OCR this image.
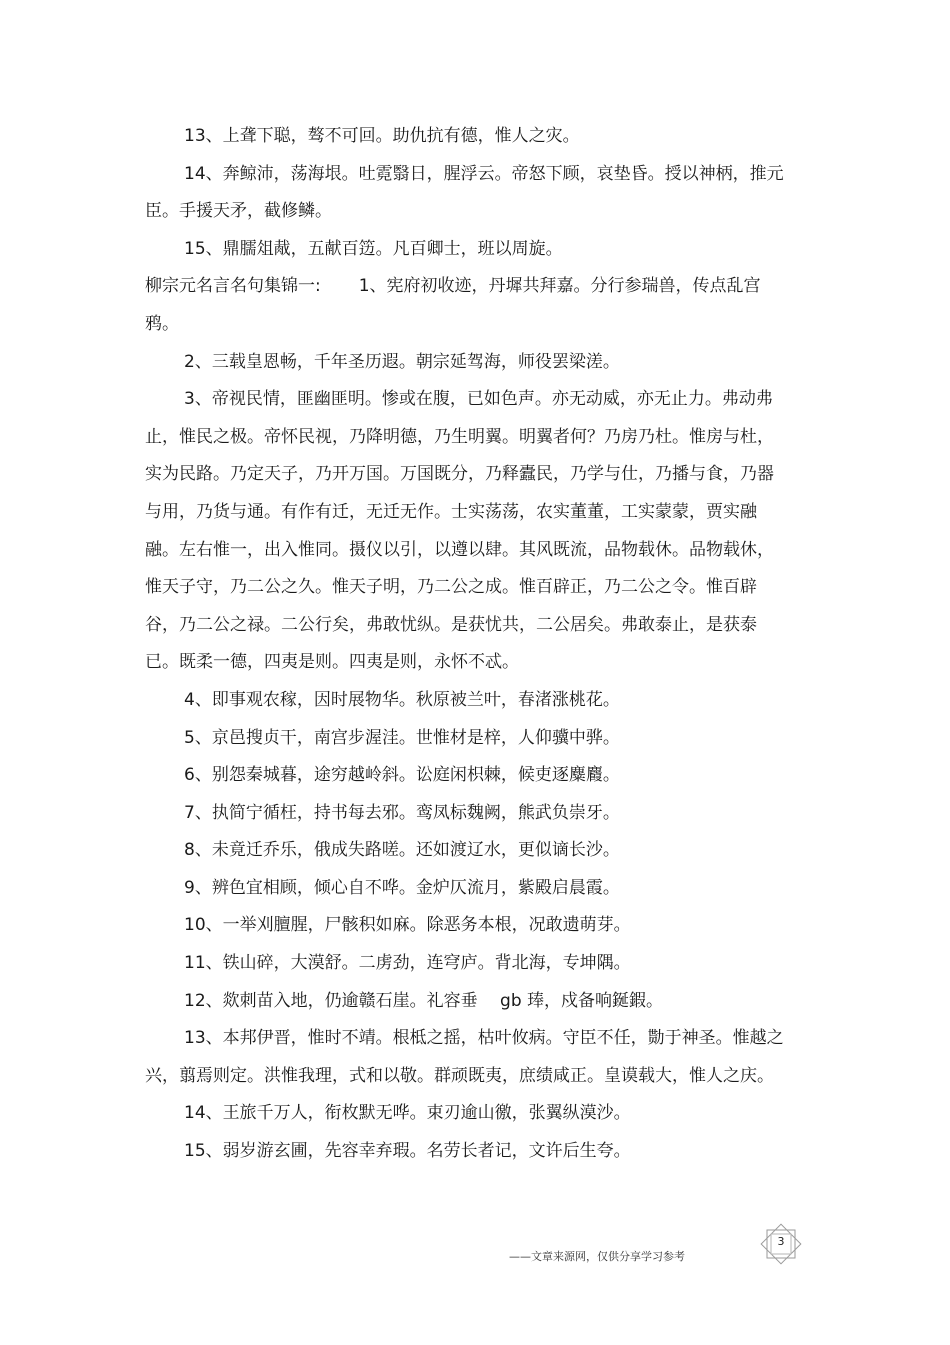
13、上聋下聪，骜不可回。助仇抗有德，惟人之灾。

14、奔鲸沛，荡海垠。吐霓翳日，腥浮云。帝怒下顾，哀垫昏。授以神柄，推元臣。手援天矛，截修鳞。

15、鼎臑俎胾，五献百笾。凡百卿士，班以周旋。

柳宗元名言名句集锦一: 1、宪府初收迹，丹墀共拜嘉。分行参瑞兽，传点乱宫鸦。

2、三载皇恩畅，千年圣历遐。朝宗延驾海，师役罢梁溠。

3、帝视民情，匪幽匪明。惨或在腹，已如色声。亦无动威，亦无止力。弗动弗止，惟民之极。帝怀民视，乃降明德，乃生明翼。明翼者何？乃房乃杜。惟房与杜，实为民路。乃定天子，乃开万国。万国既分，乃释蠹民，乃学与仕，乃播与食，乃器与用，乃货与通。有作有迁，无迁无作。士实荡荡，农实董董，工实蒙蒙，贾实融融。左右惟一，出入惟同。摄仪以引，以遵以肆。其风既流，品物载休。品物载休，惟天子守，乃二公之久。惟天子明，乃二公之成。惟百辟正，乃二公之令。惟百辟谷，乃二公之禄。二公行矣，弗敢忧纵。是获忧共，二公居矣。弗敢泰止，是获泰已。既柔一德，四夷是则。四夷是则，永怀不忒。

4、即事观农稼，因时展物华。秋原被兰叶，春渚涨桃花。

5、京邑搜贞干，南宫步渥洼。世惟材是梓，人仰骥中骅。

6、别怨秦城暮，途穷越岭斜。讼庭闲枳棘，候吏逐麋麚。

7、执简宁循枉，持书每去邪。鸾凤标魏阙，熊武负崇牙。

8、未竟迁乔乐，俄成失路嗟。还如渡辽水，更似谪长沙。

9、辨色宜相顾，倾心自不哗。金炉仄流月，紫殿启晨霞。

10、一举刈膻腥，尸骸积如麻。除恶务本根，况敢遗萌芽。

11、铁山碎，大漠舒。二虏劲，连穹庐。背北海，专坤隅。

12、欻刺苗入地，仍逾赣石崖。礼容垂　 gb 琫，戍备响鋋鍜。

13、本邦伊晋，惟时不靖。根柢之摇，枯叶攸病。守臣不任，勚于神圣。惟越之兴，翦焉则定。洪惟我理，式和以敬。群顽既夷，庶绩咸正。皇谟载大，惟人之庆。

14、王旅千万人，衔枚默无哗。束刃逾山徼，张翼纵漠沙。

15、弱岁游玄圃，先容幸弃瑕。名劳长者记，文许后生夸。

——文章来源网，仅供分享学习参考
3
